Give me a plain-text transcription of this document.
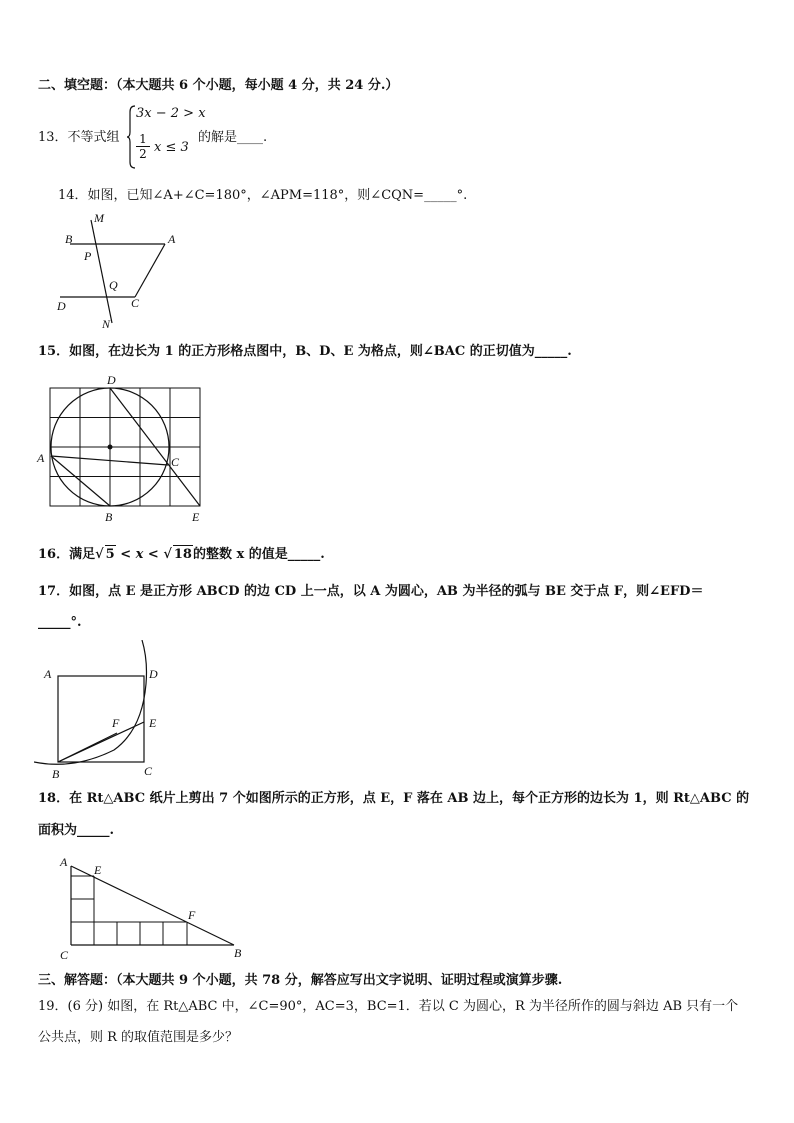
二、填空题：（本大题共 6 个小题，每小题 4 分，共 24 分.）
13．不等式组
3x − 2 > x
$\frac{1}{2}$ x ≤ 3
的解是____.
14．如图，已知∠A+∠C=180°，∠APM=118°，则∠CQN=_____°.
M
B	A
P
Q
D	C
N
15．如图，在边长为 1 的正方形格点图中，B、D、E 为格点，则∠BAC 的正切值为_____.
D
A	C
B	E
16．满足√ 5 < x < √ 18的整数 x 的值是_____.
17．如图，点 E 是正方形 ABCD 的边 CD 上一点，以 A 为圆心，AB 为半径的弧与 BE 交于点 F，则∠EFD＝
_____°.
A	D
F E
B	C
18．在 Rt△ABC 纸片上剪出 7 个如图所示的正方形，点 E，F 落在 AB 边上，每个正方形的边长为 1，则 Rt△ABC 的
面积为_____.
A
E
F
C	B
三、解答题：（本大题共 9 个小题，共 78 分，解答应写出文字说明、证明过程或演算步骤.
19．(6 分) 如图，在 Rt△ABC 中，∠C=90°，AC=3，BC=1．若以 C 为圆心，R 为半径所作的圆与斜边 AB 只有一个
公共点，则 R 的取值范围是多少？
